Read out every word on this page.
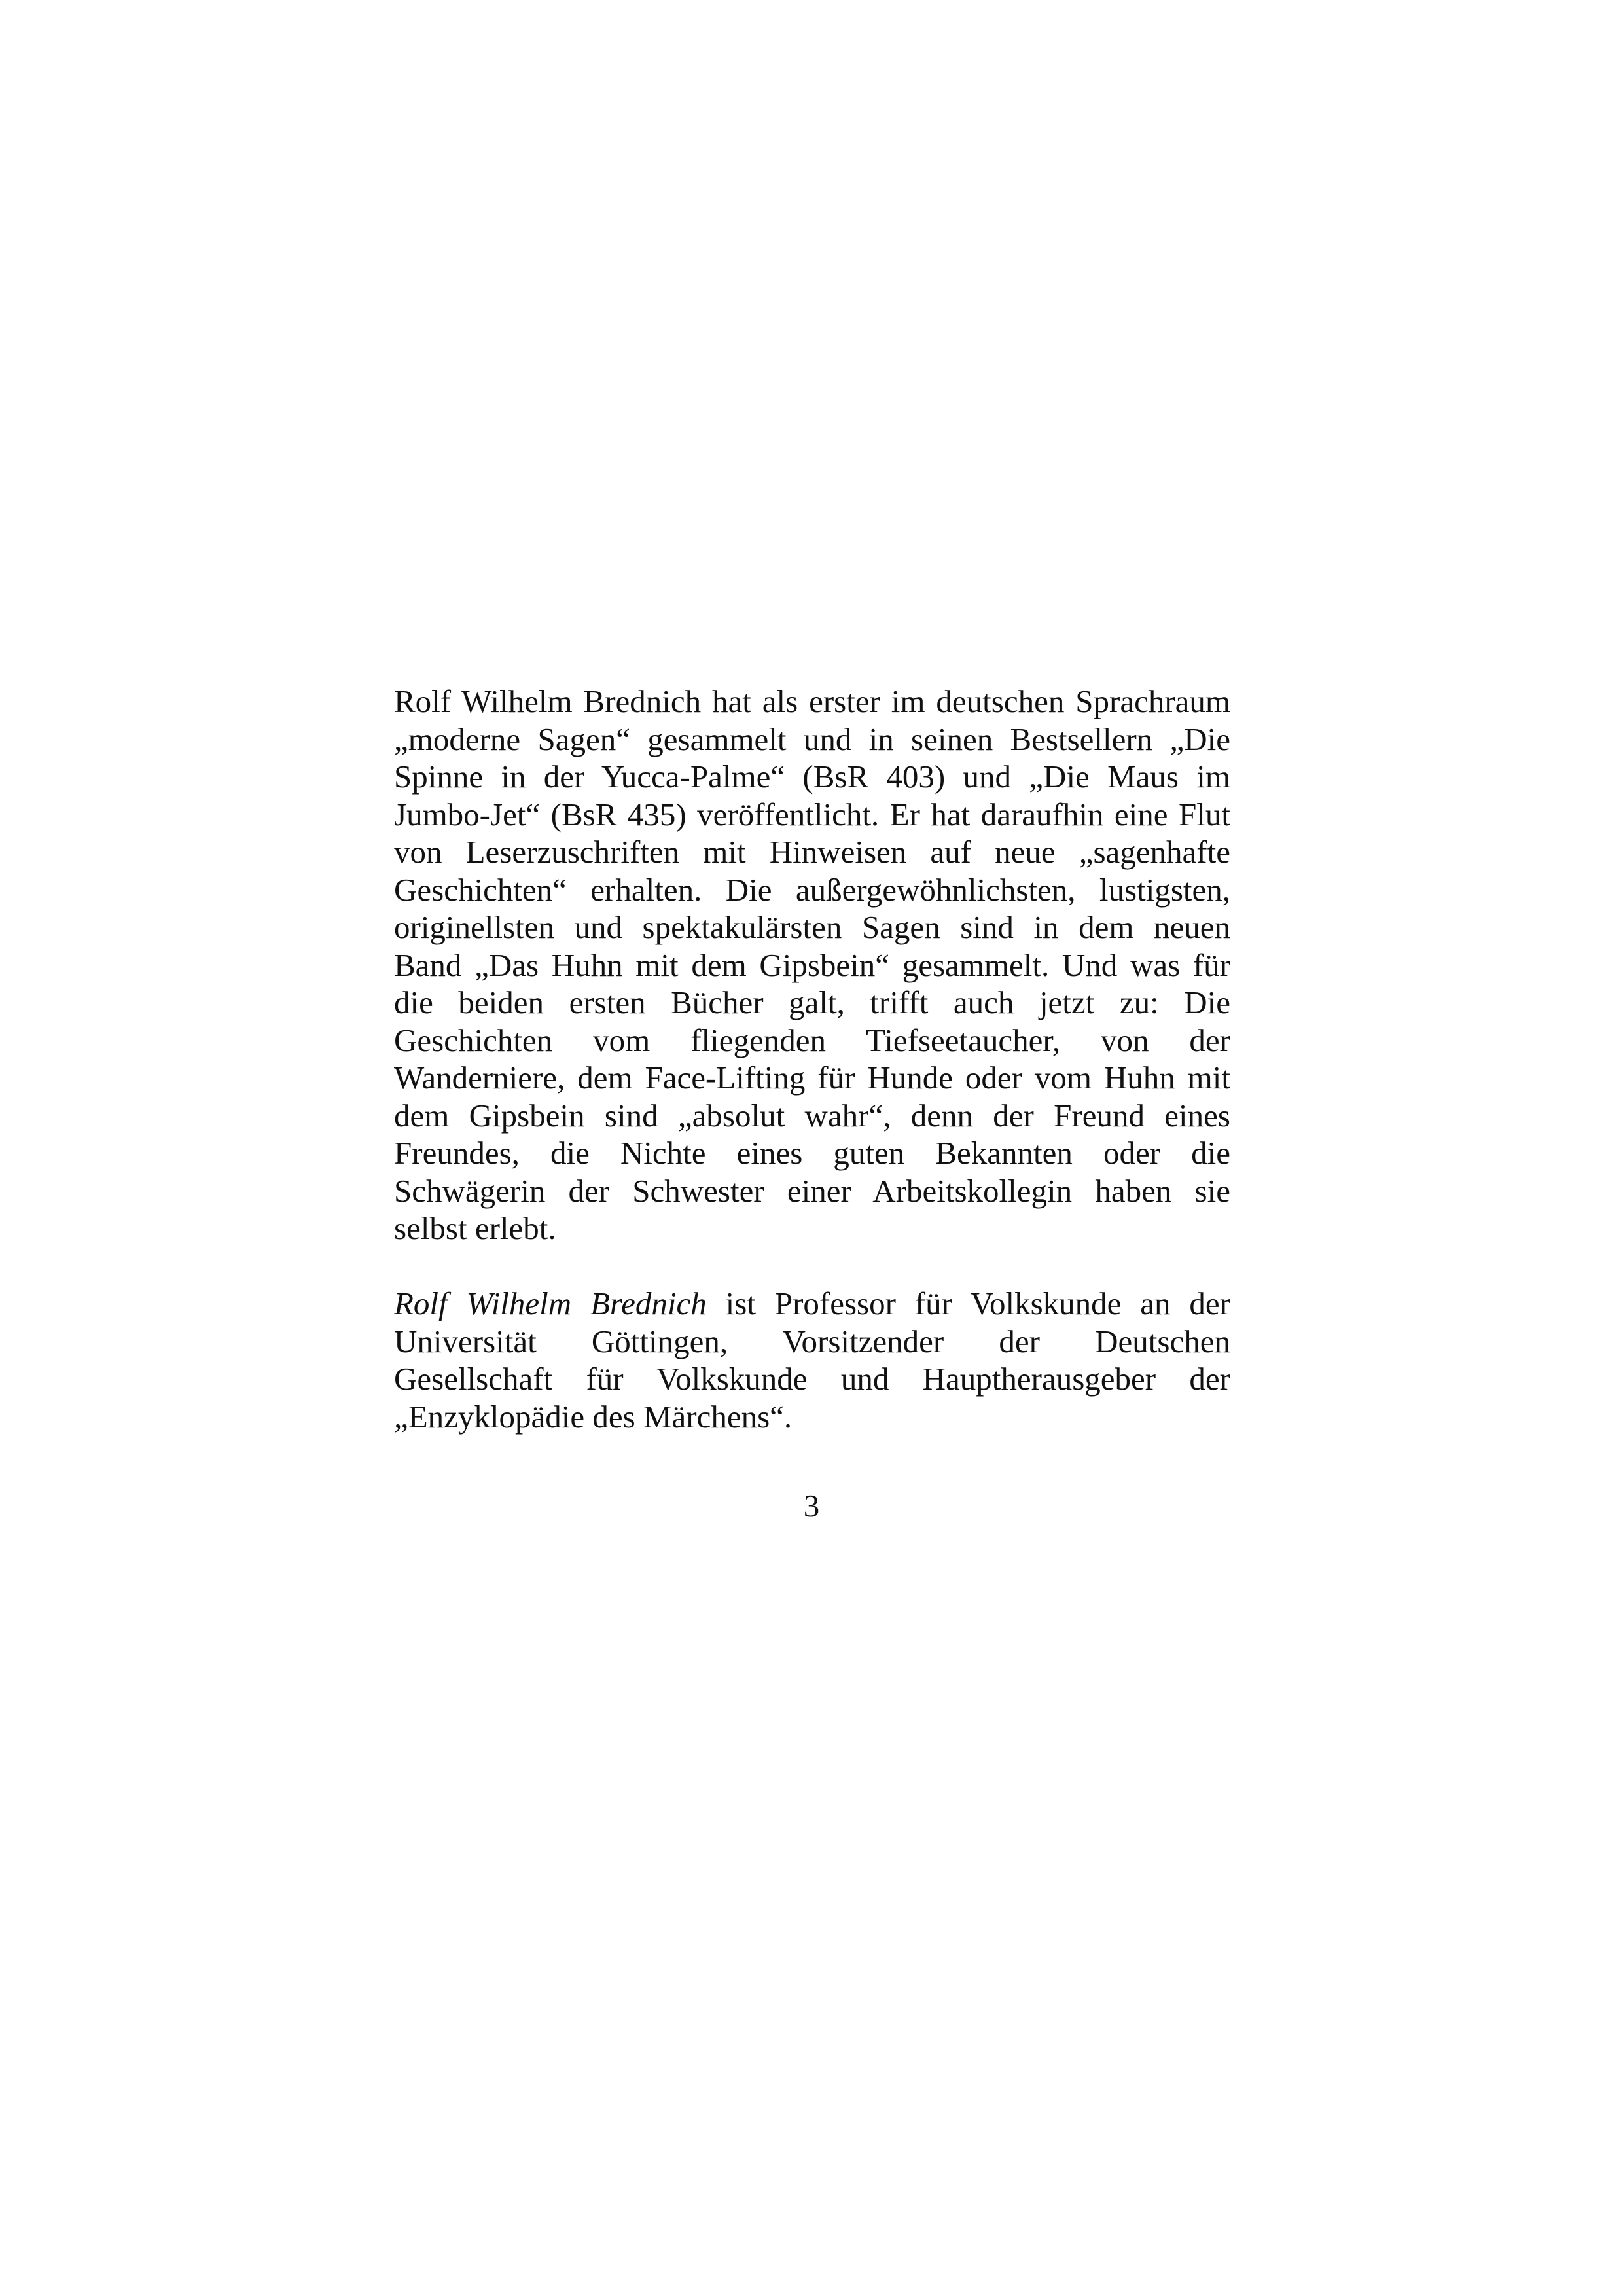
Rolf Wilhelm Brednich hat als erster im deutschen Sprachraum
„moderne Sagen“ gesammelt und in seinen Bestsellern „Die
Spinne in der Yucca-Palme“ (BsR 403) und „Die Maus im
Jumbo-Jet“ (BsR 435) veröffentlicht. Er hat daraufhin eine Flut
von Leserzuschriften mit Hinweisen auf neue „sagenhafte
Geschichten“ erhalten. Die außergewöhnlichsten, lustigsten,
originellsten und spektakulärsten Sagen sind in dem neuen
Band „Das Huhn mit dem Gipsbein“ gesammelt. Und was für
die beiden ersten Bücher galt, trifft auch jetzt zu: Die
Geschichten vom fliegenden Tiefseetaucher, von der
Wanderniere, dem Face-Lifting für Hunde oder vom Huhn mit
dem Gipsbein sind „absolut wahr“, denn der Freund eines
Freundes, die Nichte eines guten Bekannten oder die
Schwägerin der Schwester einer Arbeitskollegin haben sie
selbst erlebt.
Rolf Wilhelm Brednich ist Professor für Volkskunde an der
Universität Göttingen, Vorsitzender der Deutschen
Gesellschaft für Volkskunde und Hauptherausgeber der
„Enzyklopädie des Märchens“.
3
